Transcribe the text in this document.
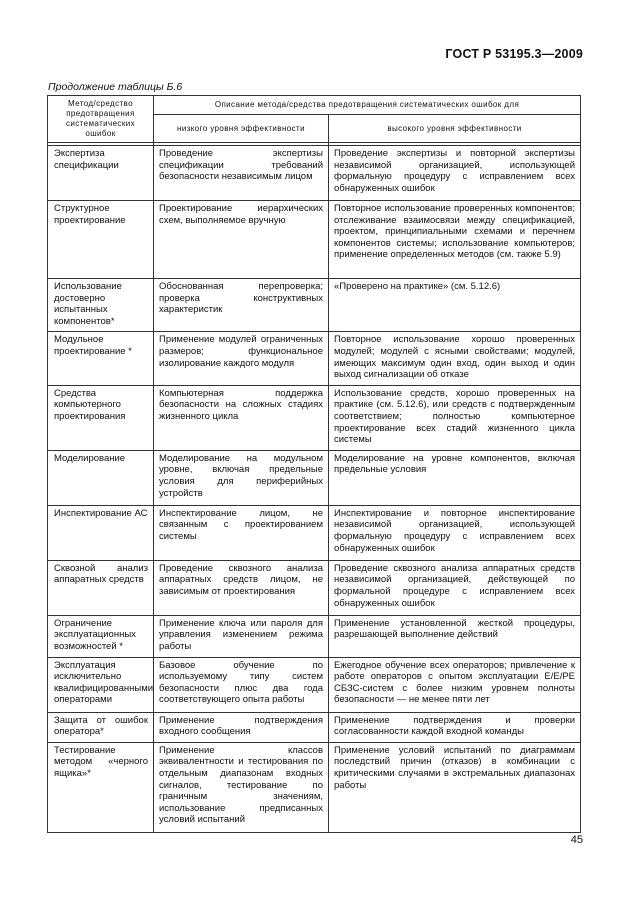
ГОСТ Р 53195.3—2009
Продолжение таблицы Б.6
Метод/средство предотвращения систематических ошибок	Описание метода/средства предотвращения систематических ошибок для	
	низкого уровня эффективности	высокого уровня эффективности

Экспертиза спецификации	Проведение экспертизы спецификации требований безопасности независимым лицом	Проведение экспертизы и повторной экспертизы независимой организацией, использующей формальную процедуру с исправлением всех обнаруженных ошибок
Структурное проектирование	Проектирование иерархических схем, выполняемое вручную	Повторное использование проверенных компонентов; отслеживание взаимосвязи между спецификацией, проектом, принципиальными схемами и перечнем компонентов системы; использование компьютеров; применение определенных методов (см. также 5.9)
Использование достоверно испытанных компонентов*	Обоснованная перепроверка; проверка конструктивных характеристик	«Проверено на практике» (см. 5.12.6)
Модульное проектирование *	Применение модулей ограниченных размеров; функциональное изолирование каждого модуля	Повторное использование хорошо проверенных модулей; модулей с ясными свойствами; модулей, имеющих максимум один вход, один выход и один выход сигнализации об отказе
Средства компьютерного проектирования	Компьютерная поддержка безопасности на сложных стадиях жизненного цикла	Использование средств, хорошо проверенных на практике (см. 5.12.6), или средств с подтвержденным соответствием; полностью компьютерное проектирование всех стадий жизненного цикла системы
Моделирование	Моделирование на модульном уровне, включая предельные условия для периферийных устройств	Моделирование на уровне компонентов, включая предельные условия
Инспектирование АС	Инспектирование лицом, не связанным с проектированием системы	Инспектирование и повторное инспектирование независимой организацией, использующей формальную процедуру с исправлением всех обнаруженных ошибок
Сквозной анализ аппаратных средств	Проведение сквозного анализа аппаратных средств лицом, не зависимым от проектирования	Проведение сквозного анализа аппаратных средств независимой организацией, действующей по формальной процедуре с исправлением всех обнаруженных ошибок
Ограничение эксплуатационных возможностей *	Применение ключа или пароля для управления изменением режима работы	Применение установленной жесткой процедуры, разрешающей выполнение действий
Эксплуатация исключительно квалифицированными операторами	Базовое обучение по используемому типу систем безопасности плюс два года соответствующего опыта работы	Ежегодное обучение всех операторов; привлечение к работе операторов с опытом эксплуатации Е/Е/РЕ СБЗС-систем с более низким уровнем полноты безопасности — не менее пяти лет
Защита от ошибок оператора*	Применение подтверждения входного сообщения	Применение подтверждения и проверки согласованности каждой входной команды
Тестирование методом «черного ящика»*	Применение классов эквивалентности и тестирования по отдельным диапазонам входных сигналов, тестирование по граничным значениям, использование предписанных условий испытаний	Применение условий испытаний по диаграммам последствий причин (отказов) в комбинации с критическими случаями в экстремальных диапазонах работы
45
